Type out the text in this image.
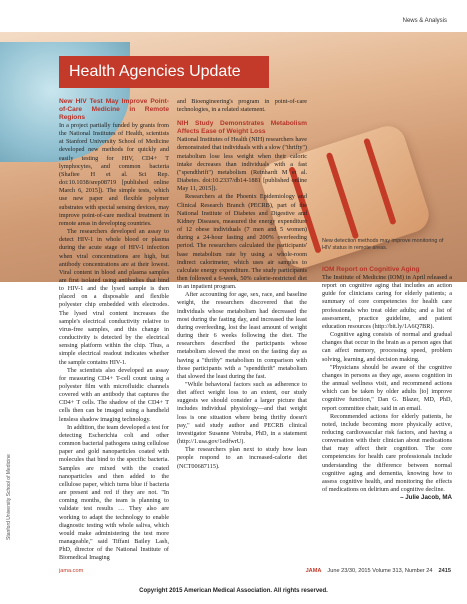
News & Analysis
Health Agencies Update
New detection methods may improve monitoring of HIV status in remote areas.
New HIV Test May Improve Point-of-Care Medicine in Remote Regions

In a project partially funded by grants from the National Institutes of Health, scientists at Stanford University School of Medicine developed new methods for quickly and easily testing for HIV, CD4+ T lymphocytes, and common bacteria (Shafiee H et al. Sci Rep. doi:10.1038/srep08719 [published online March 6, 2015]). The simple tests, which use new paper and flexible polymer substrates with special sensing devices, may improve point-of-care medical treatment in remote areas in developing countries.

The researchers developed an assay to detect HIV-1 in whole blood or plasma during the acute stage of HIV-1 infection when viral concentrations are high, but antibody concentrations are at their lowest. Viral content in blood and plasma samples are first isolated using antibodies that bind to HIV-1 and the lysed sample is then placed on a disposable and flexible polyester chip embedded with electrodes. The lysed viral content increases the sample's electrical conductivity relative to virus-free samples, and this change in conductivity is detected by the electrical sensing platform within the chip. Thus, a simple electrical readout indicates whether the sample contains HIV-1.

The scientists also developed an assay for measuring CD4+ T-cell count using a polyester film with microfluidic channels covered with an antibody that captures the CD4+ T cells. The shadow of the CD4+ T cells then can be imaged using a handheld lensless shadow imaging technology.

In addition, the team developed a test for detecting Escherichia coli and other common bacterial pathogens using cellulose paper and gold nanoparticles coated with molecules that bind to the specific bacteria. Samples are mixed with the coated nanoparticles and then added to the cellulose paper, which turns blue if bacteria are present and red if they are not. "In coming months, the team is planning to validate test results … They also are working to adapt the technology to enable diagnostic testing with whole saliva, which would make administering the test more manageable," said Tiffani Bailey Lash, PhD, director of the National Institute of Biomedical Imaging

and Bioengineering's program in point-of-care technologies, in a related statement.

NIH Study Demonstrates Metabolism Affects Ease of Weight Loss

National Institutes of Health (NIH) researchers have demonstrated that individuals with a slow ("thrifty") metabolism lose less weight when their caloric intake decreases than individuals with a fast ("spendthrift") metabolism (Reinhardt M et al. Diabetes. doi:10.2337/db14-1881 [published online May 11, 2015]).

Researchers at the Phoenix Epidemiology and Clinical Research Branch (PECRB), part of the National Institute of Diabetes and Digestive and Kidney Diseases, measured the energy expenditure of 12 obese individuals (7 men and 5 women) during a 24-hour fasting and 200% overfeeding period. The researchers calculated the participants' base metabolism rate by using a whole-room indirect calorimeter, which uses air samples to calculate energy expenditure. The study participants then followed a 6-week, 50% calorie-restricted diet in an inpatient program.

After accounting for age, sex, race, and baseline weight, the researchers discovered that the individuals whose metabolism had decreased the most during the fasting day, and increased the least during overfeeding, lost the least amount of weight during their 6 weeks following the diet. The researchers described the participants whose metabolism slowed the most on the fasting day as having a "thrifty" metabolism in comparison with those participants with a "spendthrift" metabolism that slowed the least during the fast.

"While behavioral factors such as adherence to diet affect weight loss to an extent, our study suggests we should consider a larger picture that includes individual physiology—and that weight loss is one situation where being thrifty doesn't pay," said study author and PECRB clinical investigator Susanne Votruba, PhD, in a statement (http://1.usa.gov/1edfwrU).

The researchers plan next to study how lean people respond to an increased-calorie diet (NCT00687115).

IOM Report on Cognitive Aging

The Institute of Medicine (IOM) in April released a report on cognitive aging that includes an action guide for clinicians caring for elderly patients; a summary of core competencies for health care professionals who treat older adults; and a list of assessment, practice guideline, and patient education resources (http://bit.ly/1A6Q7BR).

Cognitive aging consists of normal and gradual changes that occur in the brain as a person ages that can affect memory, processing speed, problem solving, learning, and decision making.

"Physicians should be aware of the cognitive changes in persons as they age, assess cognition in the annual wellness visit, and recommend actions which can be taken by older adults [to] improve cognitive function," Dan G. Blazer, MD, PhD, report committee chair, said in an email.

Recommended actions for elderly patients, he noted, include becoming more physically active, reducing cardiovascular risk factors, and having a conversation with their clinician about medications that may affect their cognition. The core competencies for health care professionals include understanding the difference between normal cognitive aging and dementia, knowing how to assess cognitive health, and monitoring the effects of medications on delirium and cognitive decline.

– Julie Jacob, MA

Stanford University School of Medicine
jama.com	JAMA June 23/30, 2015 Volume 313, Number 24 2415
Copyright 2015 American Medical Association. All rights reserved.
